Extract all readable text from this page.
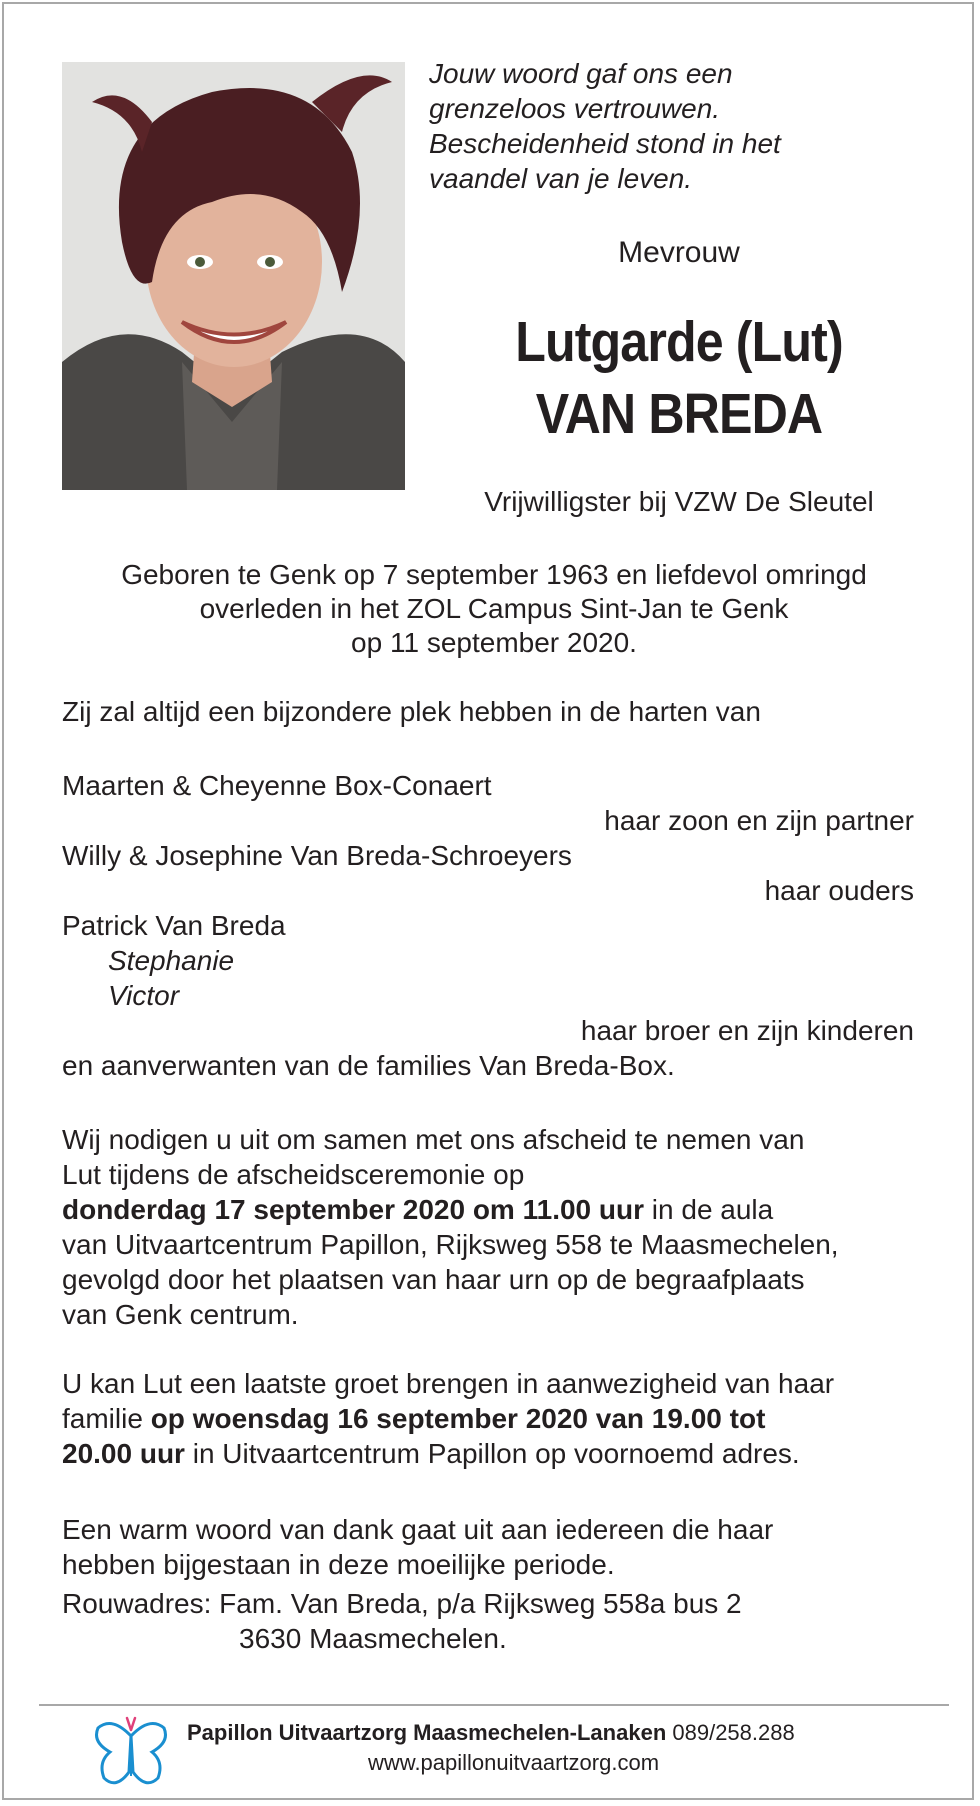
Jouw woord gaf ons een
grenzeloos vertrouwen.
Bescheidenheid stond in het
vaandel van je leven.
Mevrouw
Lutgarde (Lut)
VAN BREDA
Vrijwilligster bij VZW De Sleutel
Geboren te Genk op 7 september 1963 en liefdevol omringd
overleden in het ZOL Campus Sint-Jan te Genk
op 11 september 2020.
Zij zal altijd een bijzondere plek hebben in de harten van
Maarten & Cheyenne Box-Conaert
haar zoon en zijn partner
Willy & Josephine Van Breda-Schroeyers
haar ouders
Patrick Van Breda
Stephanie
Victor
haar broer en zijn kinderen
en aanverwanten van de families Van Breda-Box.
Wij nodigen u uit om samen met ons afscheid te nemen van
Lut tijdens de afscheidsceremonie op
donderdag 17 september 2020 om 11.00 uur in de aula
van Uitvaartcentrum Papillon, Rijksweg 558 te Maasmechelen,
gevolgd door het plaatsen van haar urn op de begraafplaats
van Genk centrum.
U kan Lut een laatste groet brengen in aanwezigheid van haar
familie op woensdag 16 september 2020 van 19.00 tot
20.00 uur in Uitvaartcentrum Papillon op voornoemd adres.
Een warm woord van dank gaat uit aan iedereen die haar
hebben bijgestaan in deze moeilijke periode.
Rouwadres: Fam. Van Breda, p/a Rijksweg 558a bus 2
3630 Maasmechelen.
Papillon Uitvaartzorg Maasmechelen-Lanaken 089/258.288
www.papillonuitvaartzorg.com
